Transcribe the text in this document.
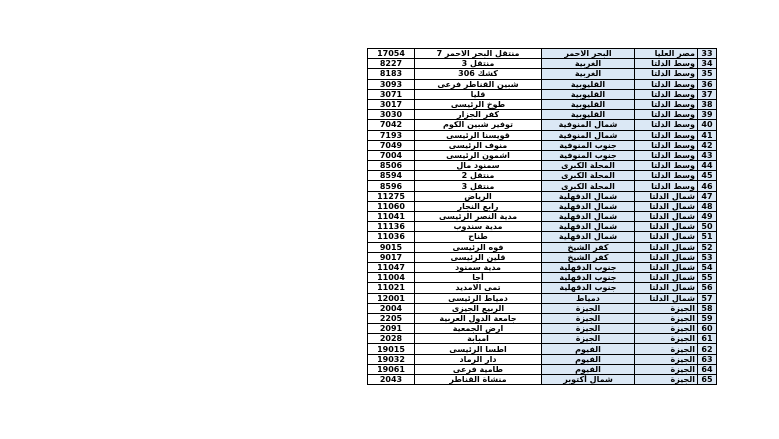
17054	منتقل البحر الاحمر 7	البحر الاحمر	مصر العليا	33
8227	منتقل 3	الغربية	وسط الدلتا	34
8183	كشك 306	الغربية	وسط الدلتا	35
3093	شبين القناطر فرعى	القليوبية	وسط الدلتا	36
3071	قليا	القليوبية	وسط الدلتا	37
3017	طوخ الرئيسى	القليوبية	وسط الدلتا	38
3030	كفر الجزار	القليوبية	وسط الدلتا	39
7042	توفير شبين الكوم	شمال المنوفية	وسط الدلتا	40
7193	قويسنا الرئيسى	شمال المنوفية	وسط الدلتا	41
7049	منوف الرئيسى	جنوب المنوفية	وسط الدلتا	42
7004	اشمون الرئيسى	جنوب المنوفية	وسط الدلتا	43
8506	سمنود مال	المحلة الكبرى	وسط الدلتا	44
8594	منتقل 2	المحلة الكبرى	وسط الدلتا	45
8596	منتقل 3	المحلة الكبرى	وسط الدلتا	46
11275	الرياض	شمال الدقهلية	شمال الدلتا	47
11060	رابع النجار	شمال الدقهلية	شمال الدلتا	48
11041	مدية النصر الرئيسى	شمال الدقهلية	شمال الدلتا	49
11136	مدية سندوب	شمال الدقهلية	شمال الدلتا	50
11036	طناح	شمال الدقهلية	شمال الدلتا	51
9015	فوه الرئيسى	كفر الشيخ	شمال الدلتا	52
9017	قلين الرئيسى	كفر الشيخ	شمال الدلتا	53
11047	مدية سمنود	جنوب الدقهلية	شمال الدلتا	54
11004	أجا	جنوب الدقهلية	شمال الدلتا	55
11021	تمى الامديد	جنوب الدقهلية	شمال الدلتا	56
12001	دمياط الرئيسى	دمياط	شمال الدلتا	57
2004	الربيع الجيزى	الجيزة	الجيزة	58
2205	جامعة الدول العربية	الجيزة	الجيزة	59
2091	ارض الجمعية	الجيزة	الجيزة	60
2028	امبابة	الجيزة	الجيزة	61
19015	اطسا الرئيسى	الفيوم	الجيزة	62
19032	دار الرماد	الفيوم	الجيزة	63
19061	طامية فرعى	الفيوم	الجيزة	64
2043	منشاة القناطر	شمال أكتوبر	الجيزة	65
